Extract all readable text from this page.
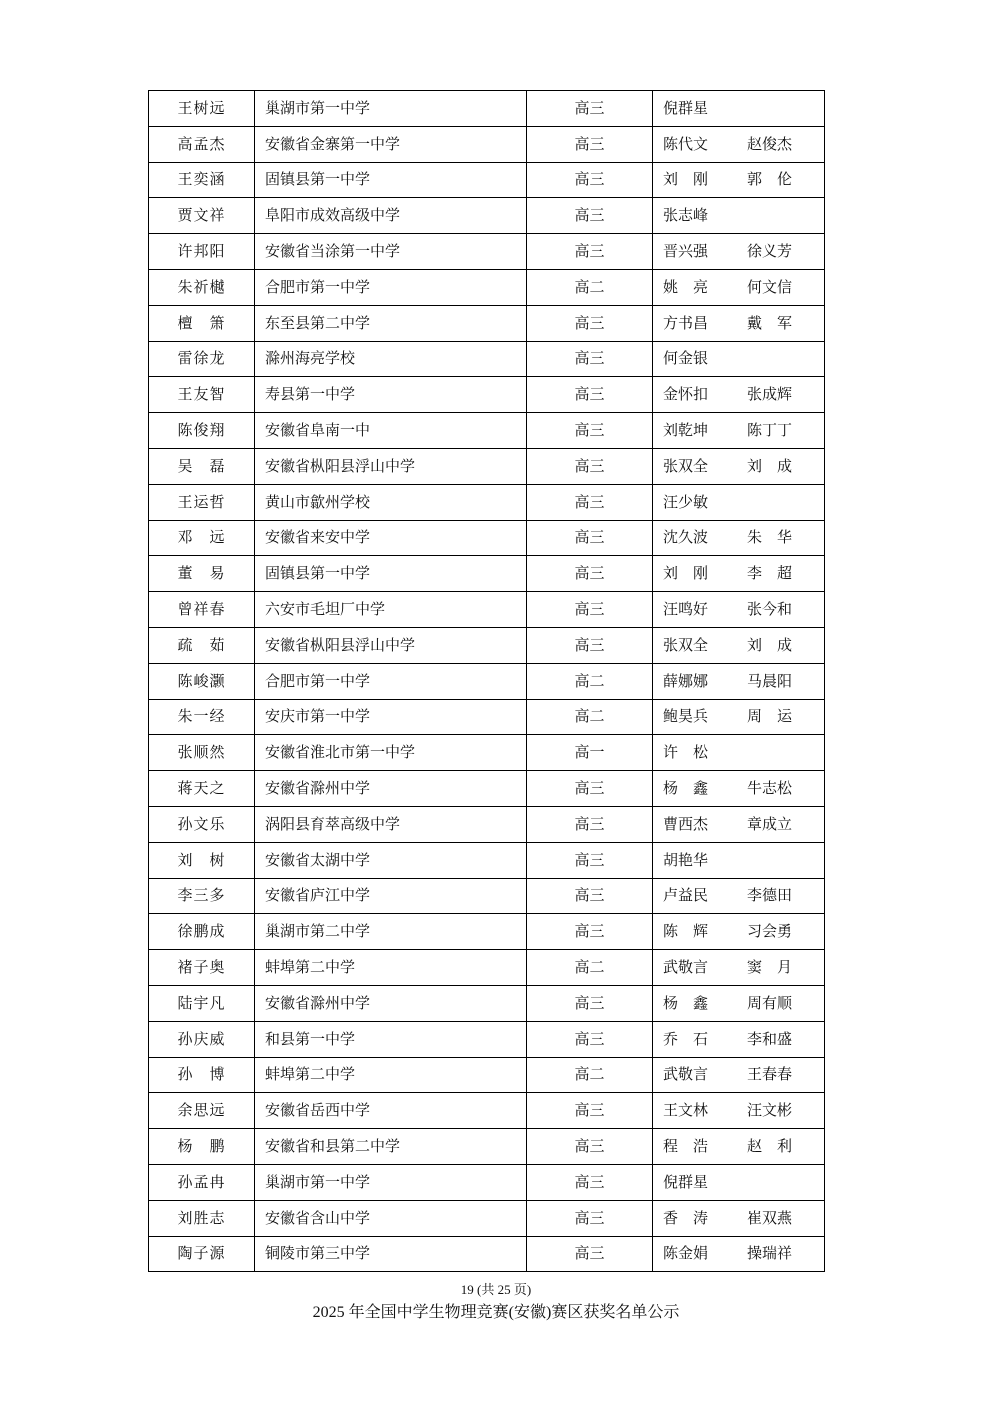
王树远	巢湖市第一中学	高三	倪群星
高孟杰	安徽省金寨第一中学	高三	陈代文 赵俊杰
王奕涵	固镇县第一中学	高三	刘　刚 郭　伦
贾文祥	阜阳市成效高级中学	高三	张志峰
许邦阳	安徽省当涂第一中学	高三	晋兴强 徐义芳
朱祈樾	合肥市第一中学	高二	姚　亮 何文信
檀　箫	东至县第二中学	高三	方书昌 戴　军
雷徐龙	滁州海亮学校	高三	何金银
王友智	寿县第一中学	高三	金怀扣 张成辉
陈俊翔	安徽省阜南一中	高三	刘乾坤 陈丁丁
吴　磊	安徽省枞阳县浮山中学	高三	张双全 刘　成
王运哲	黄山市歙州学校	高三	汪少敏
邓　远	安徽省来安中学	高三	沈久波 朱　华
董　易	固镇县第一中学	高三	刘　刚 李　超
曾祥春	六安市毛坦厂中学	高三	汪鸣好 张今和
疏　茹	安徽省枞阳县浮山中学	高三	张双全 刘　成
陈峻灏	合肥市第一中学	高二	薛娜娜 马晨阳
朱一经	安庆市第一中学	高二	鲍昊兵 周　运
张顺然	安徽省淮北市第一中学	高一	许　松
蒋天之	安徽省滁州中学	高三	杨　鑫 牛志松
孙文乐	涡阳县育萃高级中学	高三	曹西杰 章成立
刘　树	安徽省太湖中学	高三	胡艳华
李三多	安徽省庐江中学	高三	卢益民 李德田
徐鹏成	巢湖市第二中学	高三	陈　辉 习会勇
褚子奥	蚌埠第二中学	高二	武敬言 窦　月
陆宇凡	安徽省滁州中学	高三	杨　鑫 周有顺
孙庆威	和县第一中学	高三	乔　石 李和盛
孙　博	蚌埠第二中学	高二	武敬言 王春春
余思远	安徽省岳西中学	高三	王文林 汪文彬
杨　鹏	安徽省和县第二中学	高三	程　浩 赵　利
孙孟冉	巢湖市第一中学	高三	倪群星
刘胜志	安徽省含山中学	高三	香　涛 崔双燕
陶子源	铜陵市第三中学	高三	陈金娟 操瑞祥
19 (共 25 页)
2025 年全国中学生物理竞赛(安徽)赛区获奖名单公示
